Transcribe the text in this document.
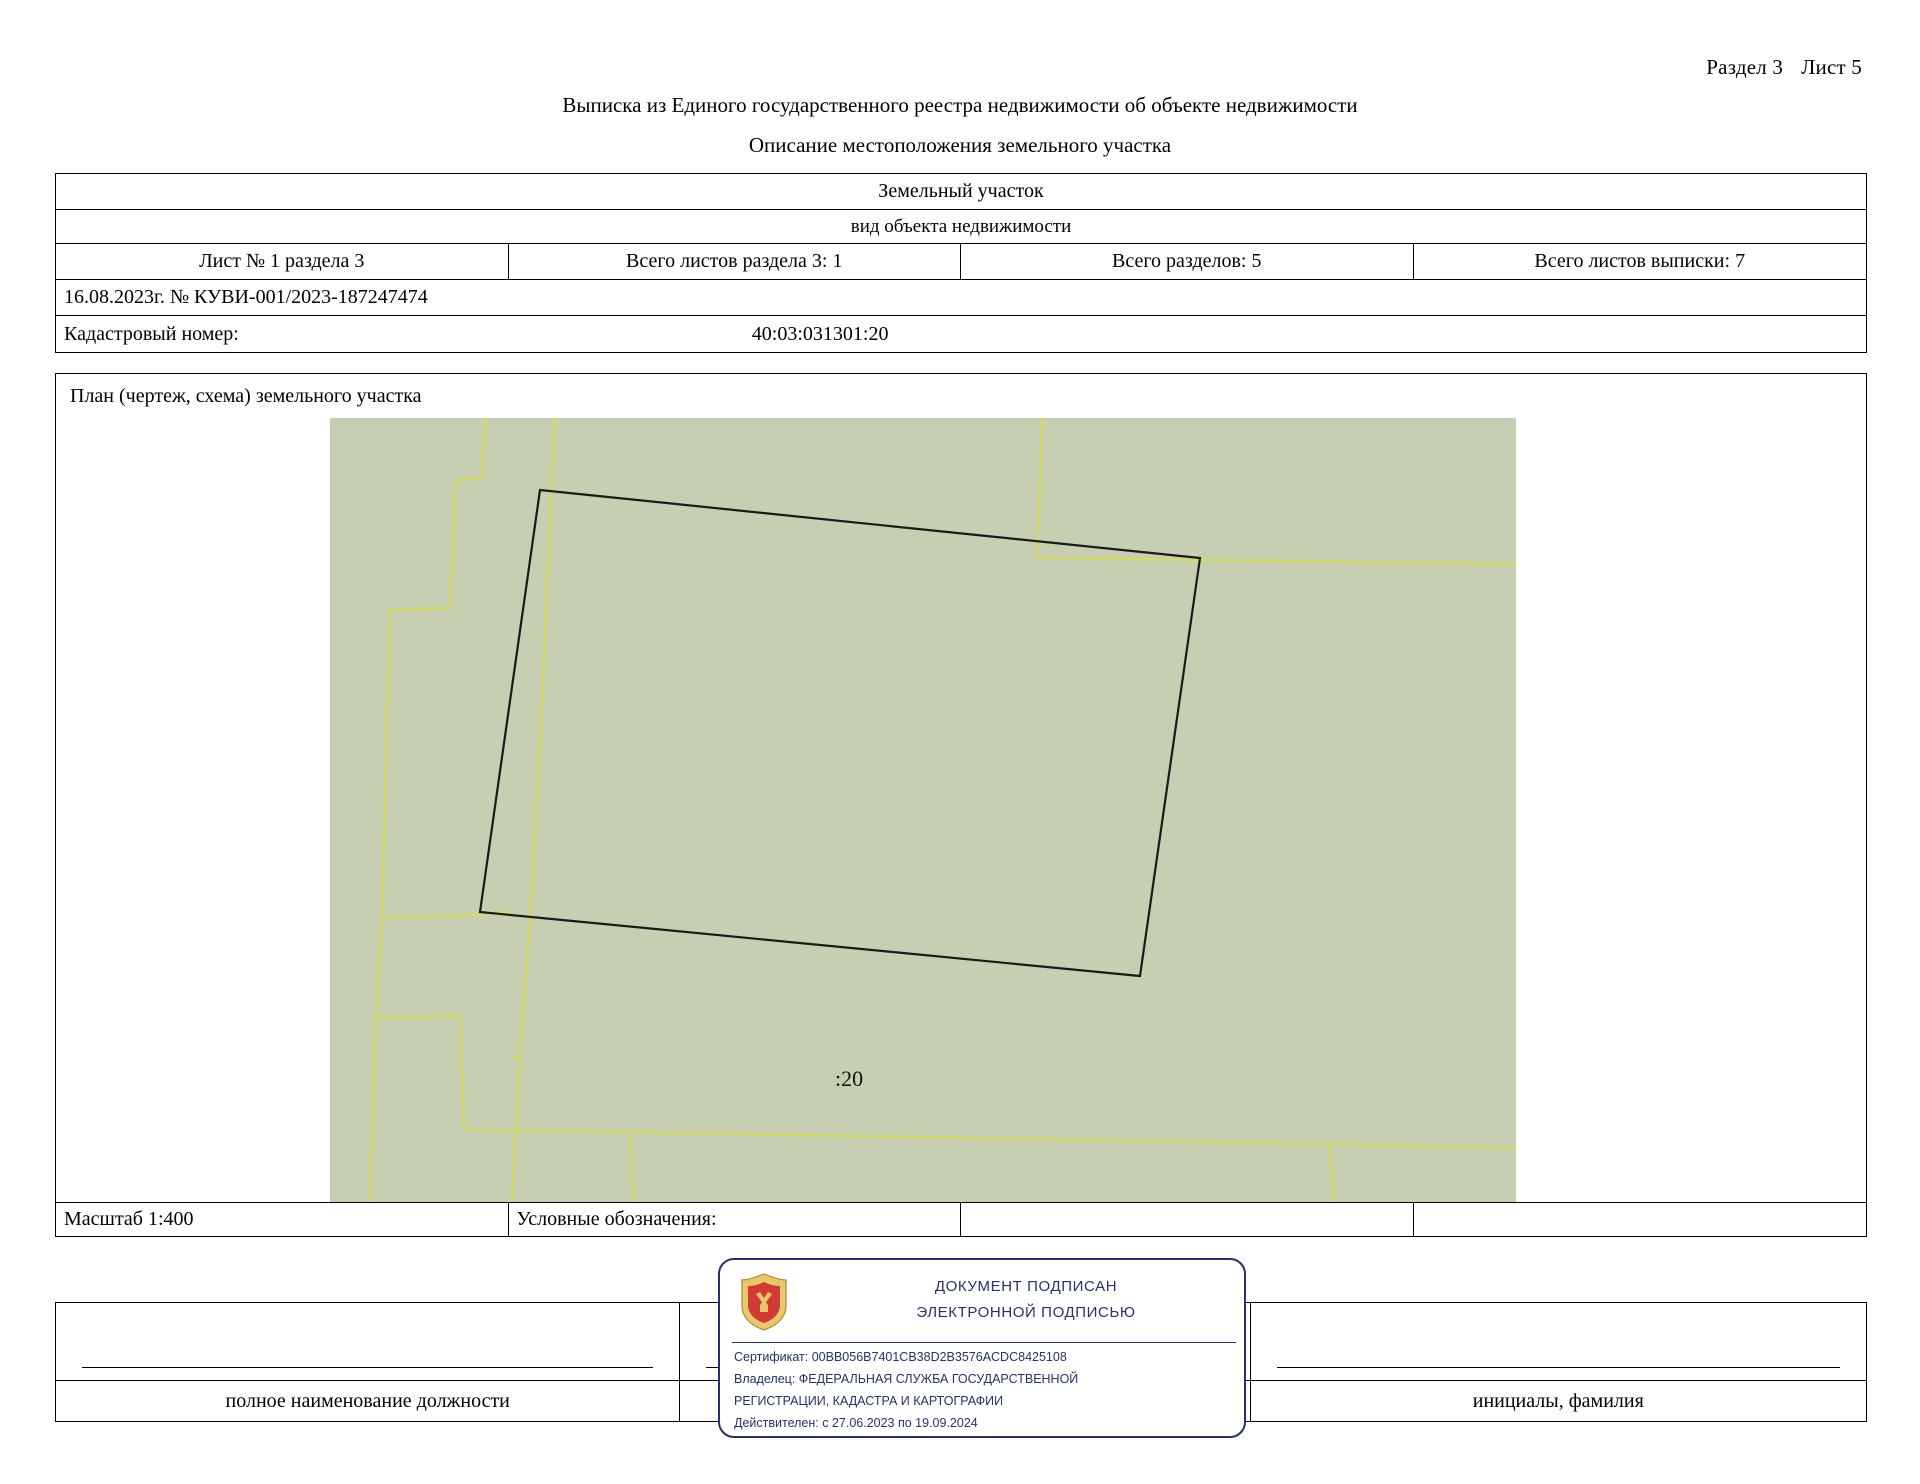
Раздел 3 Лист 5
Выписка из Единого государственного реестра недвижимости об объекте недвижимости
Описание местоположения земельного участка
Земельный участок
вид объекта недвижимости
Лист № 1 раздела 3	Всего листов раздела 3: 1	Всего разделов: 5	Всего листов выписки: 7
16.08.2023г. № КУВИ-001/2023-187247474
Кадастровый номер:	40:03:031301:20
План (чертеж, схема) земельного участка
:20
Масштаб 1:400	Условные обозначения:
полное наименование должности	инициалы, фамилия
ДОКУМЕНТ ПОДПИСАН
ЭЛЕКТРОННОЙ ПОДПИСЬЮ
Сертификат: 00BB056B7401CB38D2B3576ACDC8425108
Владелец: ФЕДЕРАЛЬНАЯ СЛУЖБА ГОСУДАРСТВЕННОЙ
РЕГИСТРАЦИИ, КАДАСТРА И КАРТОГРАФИИ
Действителен: с 27.06.2023 по 19.09.2024
